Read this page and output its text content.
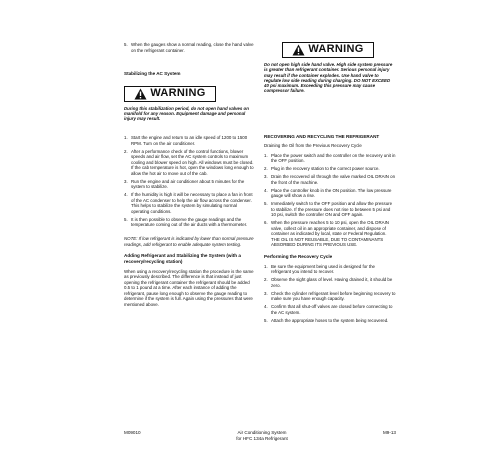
5. When the gauges show a normal reading, close the hand valve on the refrigerant container.

Stabilizing the AC System

WARNING

During this stabilization period, do not open hand valves on manifold for any reason. Equipment damage and personal injury may result.

1. Start the engine and return to an idle speed of 1200 to 1500 RPM. Turn on the air conditioner.
2. After a performance check of the control functions, blower speeds and air flow, set the AC system controls to maximum cooling and blower speed on high. All windows must be closed. If the cab temperature is hot, open the windows long enough to allow the hot air to move out of the cab.
3. Run the engine and air conditioner about 5 minutes for the system to stabilize.
4. If the humidity is high it will be necessary to place a fan in front of the AC condenser to help the air flow across the condenser. This helps to stabilize the system by simulating normal operating conditions.
5. It is then possible to observe the gauge readings and the temperature coming out of the air ducts with a thermometer.

NOTE: If low refrigerant is indicated by lower than normal pressure readings, add refrigerant to enable adequate system testing.

Adding Refrigerant and Stabilizing the System (with a recovery/recycling station)

When using a recovery/recycling station the procedure is the same as previously described. The difference is that instead of just opening the refrigerant container the refrigerant should be added 0.5 to 1 pound at a time. After each instance of adding the refrigerant, pause long enough to observe the gauge reading to determine if the system is full. Again using the pressures that were mentioned above.

WARNING

Do not open high side hand valve. High side system pressure is greater than refrigerant container. Serious personal injury may result if the container explodes. Use hand valve to regulate low side reading during charging. DO NOT EXCEED 40 psi maximum. Exceeding this pressure may cause compressor failure.

RECOVERING AND RECYCLING THE REFRIGERANT

Draining the Oil from the Previous Recovery Cycle

1. Place the power switch and the controller on the recovery unit in the OFF position.
2. Plug in the recovery station to the correct power source.
3. Drain the recovered oil through the valve marked OIL DRAIN on the front of the machine.
4. Place the controller knob in the ON position. The low pressure gauge will show a rise.
5. Immediately switch to the OFF position and allow the pressure to stabilize. If the pressure does not rise to between 5 psi and 10 psi, switch the controller ON and OFF again.
6. When the pressure reaches 5 to 10 psi, open the OIL DRAIN valve, collect oil in an appropriate container, and dispose of container as indicated by local, state or Federal Regulation. THE OIL IS NOT REUSABLE, DUE TO CONTAMINANTS ABSORBED DURING ITS PREVIOUS USE.

Performing the Recovery Cycle

1. Be sure the equipment being used is designed for the refrigerant you intend to recover.
2. Observe the sight glass of level. Having drained it, it should be zero.
3. Check the cylinder refrigerant level before beginning recovery to make sure you have enough capacity.
4. Confirm that all shut-off valves are closed before connecting to the AC system.
5. Attach the appropriate hoses to the system being recovered.
M09010	Air Conditioning System
for HFC 134a Refrigerant
M9-13
